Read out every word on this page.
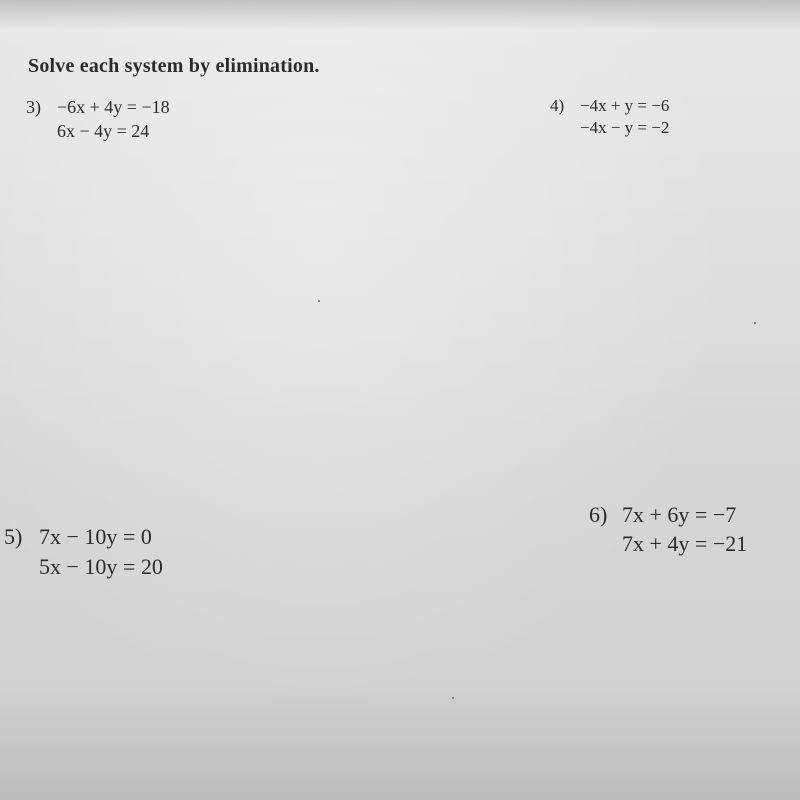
Solve each system by elimination.
3) −6x + 4y = −18
6x − 4y = 24
4) −4x + y = −6
−4x − y = −2
5) 7x − 10y = 0
5x − 10y = 20
6) 7x + 6y = −7
7x + 4y = −21
